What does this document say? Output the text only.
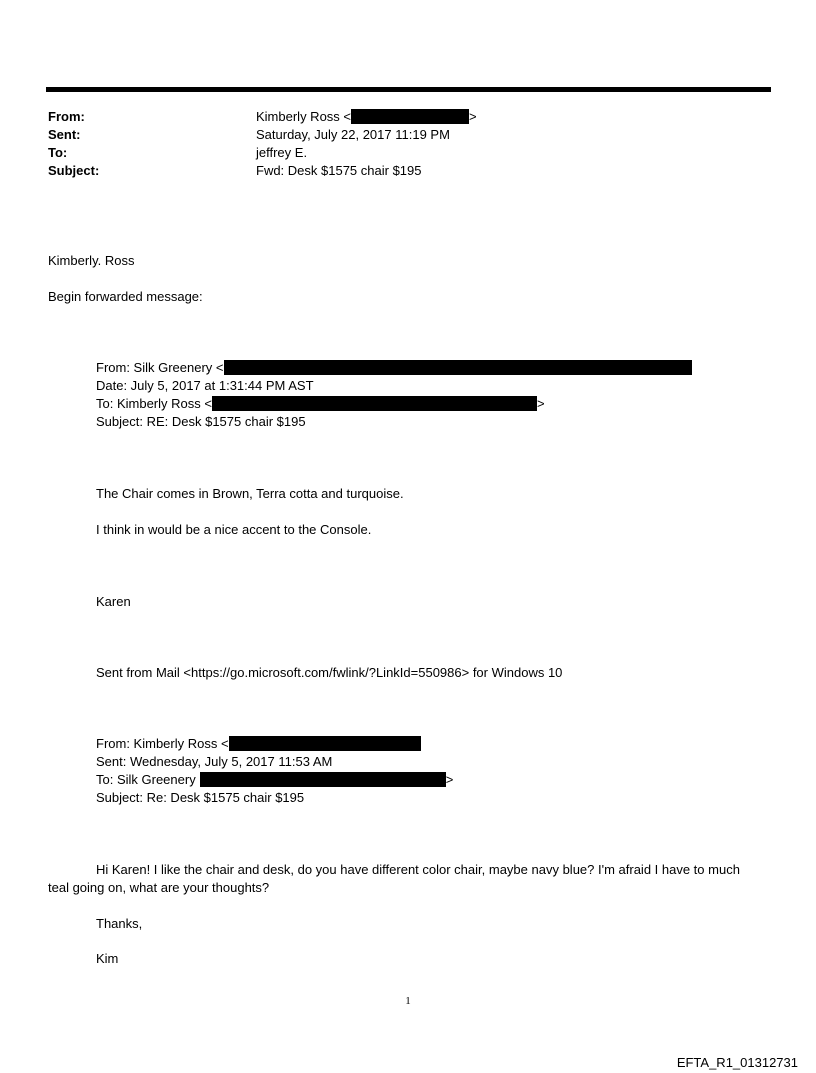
From:	Kimberly Ross <	>
Sent:	Saturday, July 22, 2017 11:19 PM
To:	jeffrey E.
Subject:	Fwd: Desk $1575 chair $195
Kimberly. Ross
Begin forwarded message:
From: Silk Greenery <
Date: July 5, 2017 at 1:31:44 PM AST
To: Kimberly Ross <	>
Subject: RE: Desk $1575 chair $195
The Chair comes in Brown, Terra cotta and turquoise.
I think in would be a nice accent to the Console.
Karen
Sent from Mail <https://go.microsoft.com/fwlink/?LinkId=550986> for Windows 10
From: Kimberly Ross <
Sent: Wednesday, July 5, 2017 11:53 AM
To: Silk Greenery	>
Subject: Re: Desk $1575 chair $195
Hi Karen! I like the chair and desk, do you have different color chair, maybe navy blue? I'm afraid I have to much teal going on, what are your thoughts?
Thanks,
Kim
1
EFTA_R1_01312731
